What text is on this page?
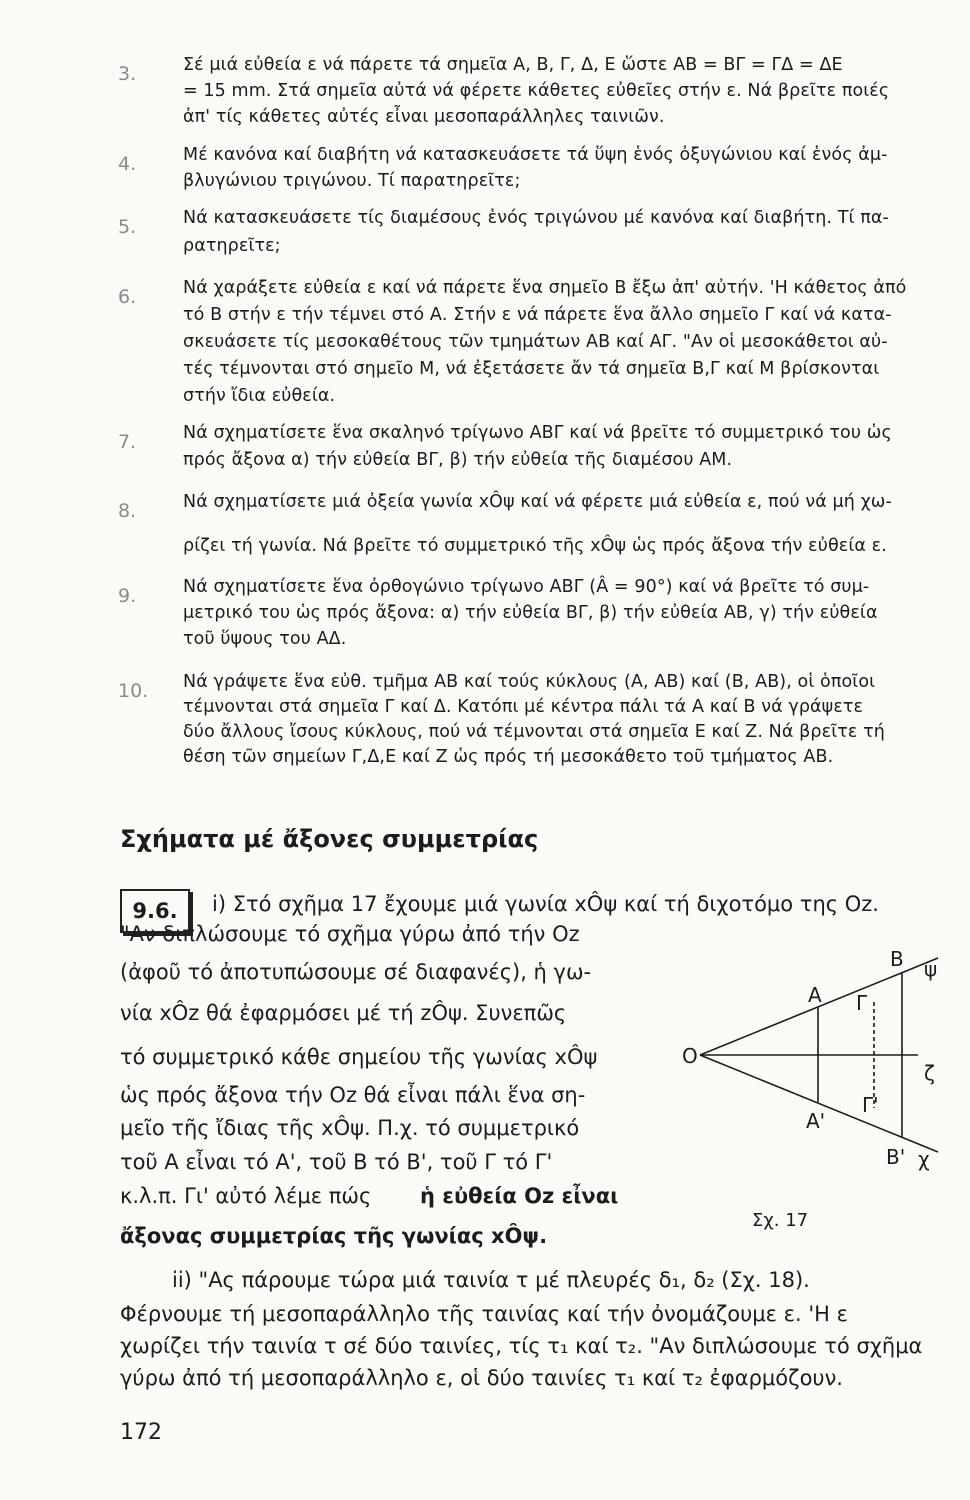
3.	Σέ μιά εὐθεία ε νά πάρετε τά σημεῖα Α, Β, Γ, Δ, Ε ὥστε ΑΒ = ΒΓ = ΓΔ = ΔΕ
= 15 mm. Στά σημεῖα αὐτά νά φέρετε κάθετες εὐθεῖες στήν ε. Νά βρεῖτε ποιές
ἀπ' τίς κάθετες αὐτές εἶναι μεσοπαράλληλες ταινιῶν.
4.	Μέ κανόνα καί διαβήτη νά κατασκευάσετε τά ὕψη ἑνός ὀξυγώνιου καί ἑνός ἀμ-
βλυγώνιου τριγώνου. Τί παρατηρεῖτε;
5.	Νά κατασκευάσετε τίς διαμέσους ἑνός τριγώνου μέ κανόνα καί διαβήτη. Τί πα-
ρατηρεῖτε;
6.	Νά χαράξετε εὐθεία ε καί νά πάρετε ἕνα σημεῖο Β ἔξω ἀπ' αὐτήν. 'Η κάθετος ἀπό
τό Β στήν ε τήν τέμνει στό Α. Στήν ε νά πάρετε ἕνα ἄλλο σημεῖο Γ καί νά κατα-
σκευάσετε τίς μεσοκαθέτους τῶν τμημάτων ΑΒ καί ΑΓ. "Αν οἱ μεσοκάθετοι αὐ-
τές τέμνονται στό σημεῖο Μ, νά ἐξετάσετε ἄν τά σημεῖα Β,Γ καί Μ βρίσκονται
στήν ἴδια εὐθεία.
7.	Νά σχηματίσετε ἕνα σκαληνό τρίγωνο ΑΒΓ καί νά βρεῖτε τό συμμετρικό του ὡς
πρός ἄξονα α) τήν εὐθεία ΒΓ, β) τήν εὐθεία τῆς διαμέσου ΑΜ.
8.	Νά σχηματίσετε μιά ὀξεία γωνία xÔψ καί νά φέρετε μιά εὐθεία ε, πού νά μή χω-
ρίζει τή γωνία. Νά βρεῖτε τό συμμετρικό τῆς xÔψ ὡς πρός ἄξονα τήν εὐθεία ε.
9.	Νά σχηματίσετε ἕνα ὀρθογώνιο τρίγωνο ΑΒΓ (Â = 90°) καί νά βρεῖτε τό συμ-
μετρικό του ὡς πρός ἄξονα: α) τήν εὐθεία ΒΓ, β) τήν εὐθεία ΑΒ, γ) τήν εὐθεία
τοῦ ὕψους του ΑΔ.
10. Νά γράψετε ἕνα εὐθ. τμῆμα ΑΒ καί τούς κύκλους (Α, ΑΒ) καί (Β, ΑΒ), οἱ ὁποῖοι
τέμνονται στά σημεῖα Γ καί Δ. Κατόπι μέ κέντρα πάλι τά Α καί Β νά γράψετε
δύο ἄλλους ἴσους κύκλους, πού νά τέμνονται στά σημεῖα Ε καί Ζ. Νά βρεῖτε τή
θέση τῶν σημείων Γ,Δ,Ε καί Ζ ὡς πρός τή μεσοκάθετο τοῦ τμήματος ΑΒ.
Σχήματα μέ ἄξονες συμμετρίας
9.6.	i) Στό σχῆμα 17 ἔχουμε μιά γωνία xÔψ καί τή διχοτόμο της Οz.
"Αν διπλώσουμε τό σχῆμα γύρω ἀπό τήν Οz
(ἀφοῦ τό ἀποτυπώσουμε σέ διαφανές), ἡ γω-
νία xÔz θά ἐφαρμόσει μέ τή zÔψ. Συνεπῶς
τό συμμετρικό κάθε σημείου τῆς γωνίας xÔψ
ὡς πρός ἄξονα τήν Οz θά εἶναι πάλι ἕνα ση-
μεῖο τῆς ἴδιας τῆς xÔψ. Π.χ. τό συμμετρικό
τοῦ Α εἶναι τό Α', τοῦ Β τό Β', τοῦ Γ τό Γ'
κ.λ.π. Γι' αὐτό λέμε πώς ἡ εὐθεία Οz εἶναι
ἄξονας συμμετρίας τῆς γωνίας xÔψ.
O
A Γ
B ψ
ζ
A'
Γ'
B' χ
Σχ. 17
ii) "Ας πάρουμε τώρα μιά ταινία τ μέ πλευρές δ₁, δ₂ (Σχ. 18).
Φέρνουμε τή μεσοπαράλληλο τῆς ταινίας καί τήν ὀνομάζουμε ε. 'Η ε
χωρίζει τήν ταινία τ σέ δύο ταινίες, τίς τ₁ καί τ₂. "Αν διπλώσουμε τό σχῆμα
γύρω ἀπό τή μεσοπαράλληλο ε, οἱ δύο ταινίες τ₁ καί τ₂ ἐφαρμόζουν.
172
